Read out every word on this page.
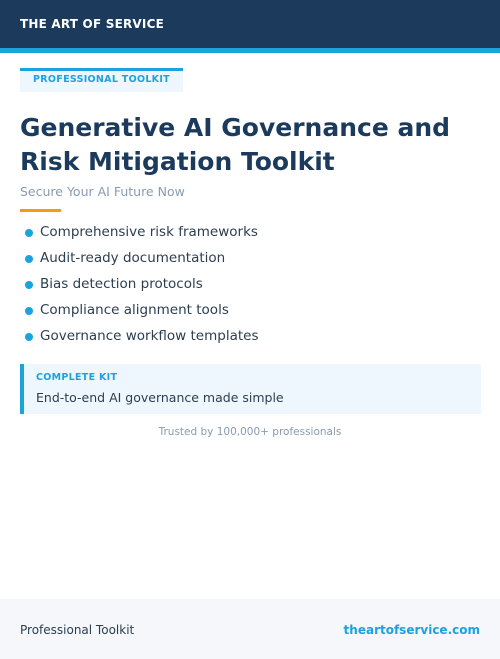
THE ART OF SERVICE
PROFESSIONAL TOOLKIT
Generative AI Governance and Risk Mitigation Toolkit
Secure Your AI Future Now
Comprehensive risk frameworks
Audit-ready documentation
Bias detection protocols
Compliance alignment tools
Governance workflow templates
COMPLETE KIT
End-to-end AI governance made simple
Trusted by 100,000+ professionals
Professional Toolkit	theartofservice.com
